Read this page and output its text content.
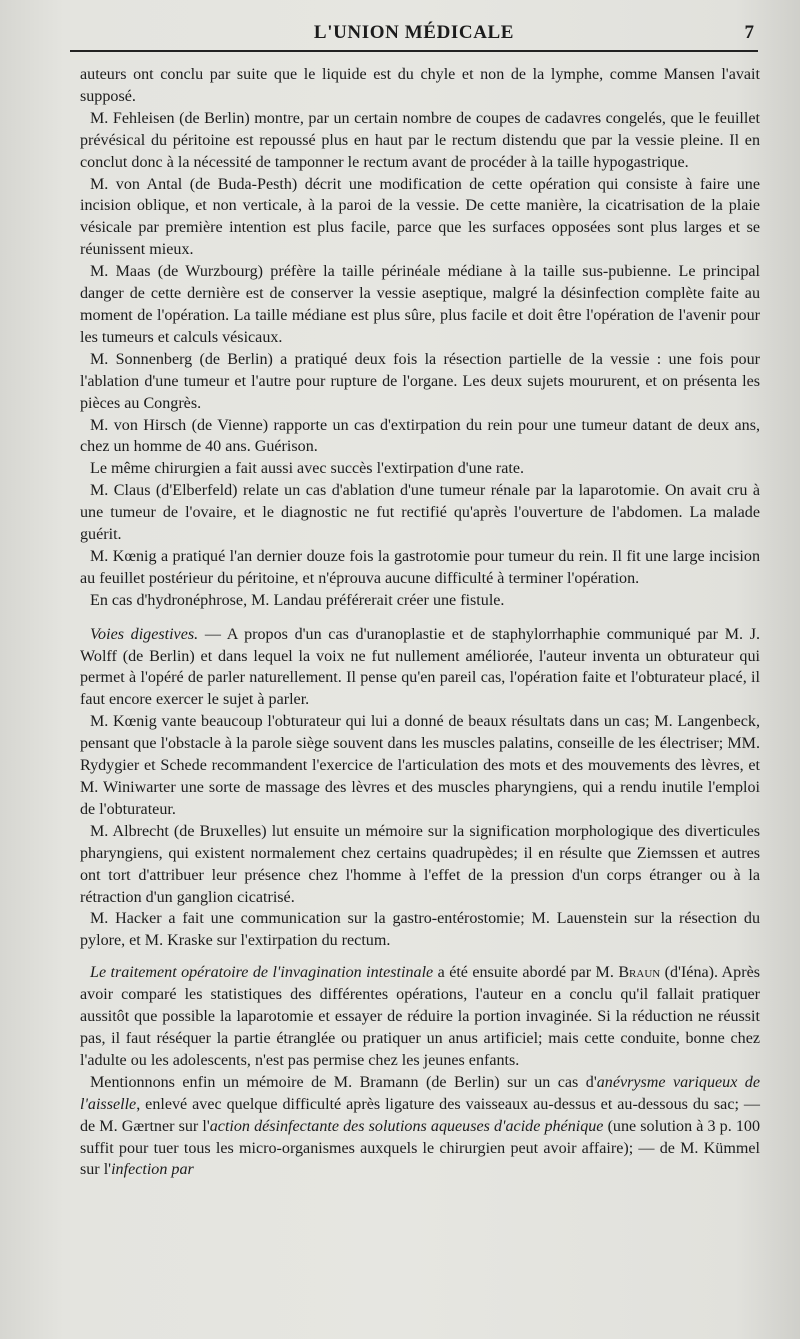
L'UNION MÉDICALE	7

auteurs ont conclu par suite que le liquide est du chyle et non de la lymphe, comme Mansen l'avait supposé.

M. Fehleisen (de Berlin) montre, par un certain nombre de coupes de cadavres congelés, que le feuillet prévésical du péritoine est repoussé plus en haut par le rectum distendu que par la vessie pleine. Il en conclut donc à la nécessité de tamponner le rectum avant de procéder à la taille hypogastrique.

M. von Antal (de Buda-Pesth) décrit une modification de cette opération qui consiste à faire une incision oblique, et non verticale, à la paroi de la vessie. De cette manière, la cicatrisation de la plaie vésicale par première intention est plus facile, parce que les surfaces opposées sont plus larges et se réunissent mieux.

M. Maas (de Wurzbourg) préfère la taille périnéale médiane à la taille sus-pubienne. Le principal danger de cette dernière est de conserver la vessie aseptique, malgré la désinfection complète faite au moment de l'opération. La taille médiane est plus sûre, plus facile et doit être l'opération de l'avenir pour les tumeurs et calculs vésicaux.

M. Sonnenberg (de Berlin) a pratiqué deux fois la résection partielle de la vessie : une fois pour l'ablation d'une tumeur et l'autre pour rupture de l'organe. Les deux sujets moururent, et on présenta les pièces au Congrès.

M. von Hirsch (de Vienne) rapporte un cas d'extirpation du rein pour une tumeur datant de deux ans, chez un homme de 40 ans. Guérison.

Le même chirurgien a fait aussi avec succès l'extirpation d'une rate.

M. Claus (d'Elberfeld) relate un cas d'ablation d'une tumeur rénale par la laparotomie. On avait cru à une tumeur de l'ovaire, et le diagnostic ne fut rectifié qu'après l'ouverture de l'abdomen. La malade guérit.

M. Kœnig a pratiqué l'an dernier douze fois la gastrotomie pour tumeur du rein. Il fit une large incision au feuillet postérieur du péritoine, et n'éprouva aucune difficulté à terminer l'opération.

En cas d'hydronéphrose, M. Landau préférerait créer une fistule.

Voies digestives. — A propos d'un cas d'uranoplastie et de staphylorrhaphie communiqué par M. J. Wolff (de Berlin) et dans lequel la voix ne fut nullement améliorée, l'auteur inventa un obturateur qui permet à l'opéré de parler naturellement. Il pense qu'en pareil cas, l'opération faite et l'obturateur placé, il faut encore exercer le sujet à parler.

M. Kœnig vante beaucoup l'obturateur qui lui a donné de beaux résultats dans un cas; M. Langenbeck, pensant que l'obstacle à la parole siège souvent dans les muscles palatins, conseille de les électriser; MM. Rydygier et Schede recommandent l'exercice de l'articulation des mots et des mouvements des lèvres, et M. Winiwarter une sorte de massage des lèvres et des muscles pharyngiens, qui a rendu inutile l'emploi de l'obturateur.

M. Albrecht (de Bruxelles) lut ensuite un mémoire sur la signification morphologique des diverticules pharyngiens, qui existent normalement chez certains quadrupèdes; il en résulte que Ziemssen et autres ont tort d'attribuer leur présence chez l'homme à l'effet de la pression d'un corps étranger ou à la rétraction d'un ganglion cicatrisé.

M. Hacker a fait une communication sur la gastro-entérostomie; M. Lauenstein sur la résection du pylore, et M. Kraske sur l'extirpation du rectum.

Le traitement opératoire de l'invagination intestinale a été ensuite abordé par M. Braun (d'Iéna). Après avoir comparé les statistiques des différentes opérations, l'auteur en a conclu qu'il fallait pratiquer aussitôt que possible la laparotomie et essayer de réduire la portion invaginée. Si la réduction ne réussit pas, il faut réséquer la partie étranglée ou pratiquer un anus artificiel; mais cette conduite, bonne chez l'adulte ou les adolescents, n'est pas permise chez les jeunes enfants.

Mentionnons enfin un mémoire de M. Bramann (de Berlin) sur un cas d'anévrysme variqueux de l'aisselle, enlevé avec quelque difficulté après ligature des vaisseaux au-dessus et au-dessous du sac; — de M. Gærtner sur l'action désinfectante des solutions aqueuses d'acide phénique (une solution à 3 p. 100 suffit pour tuer tous les micro-organismes auxquels le chirurgien peut avoir affaire); — de M. Kümmel sur l'infection par
